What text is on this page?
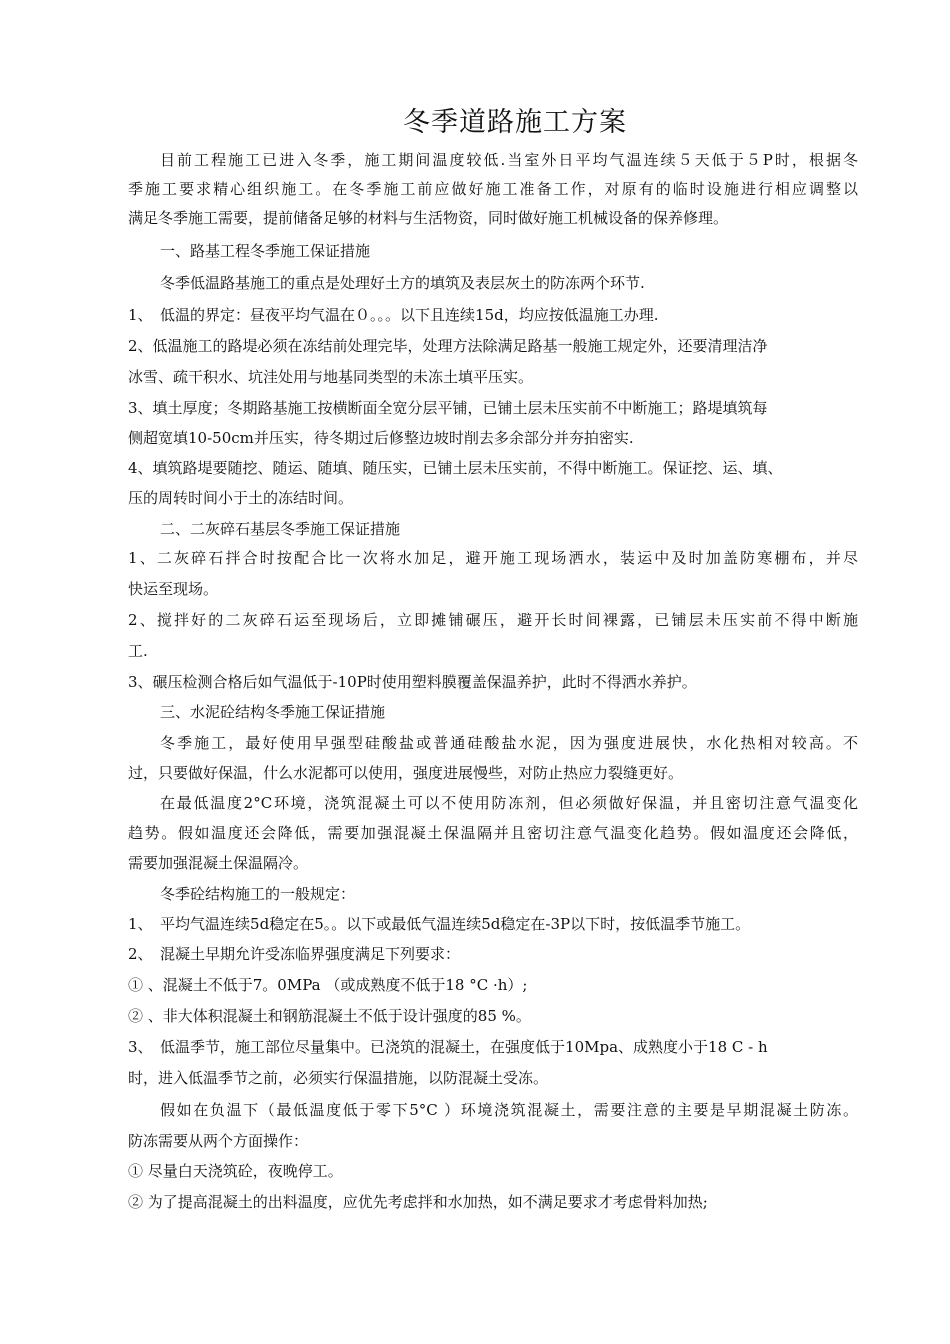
冬季道路施工方案
目前工程施工已进入冬季，施工期间温度较低.当室外日平均气温连续５天低于５P时，根据冬
季施工要求精心组织施工。在冬季施工前应做好施工准备工作，对原有的临时设施进行相应调整以
满足冬季施工需要，提前储备足够的材料与生活物资，同时做好施工机械设备的保养修理。
一、路基工程冬季施工保证措施
冬季低温路基施工的重点是处理好土方的填筑及表层灰土的防冻两个环节.
1、　低温的界定：昼夜平均气温在０。。。以下且连续15d，均应按低温施工办理.
2、低温施工的路堤必须在冻结前处理完毕，处理方法除满足路基一般施工规定外，还要清理洁净
冰雪、疏干积水、坑洼处用与地基同类型的未冻土填平压实。
3、填土厚度；冬期路基施工按横断面全宽分层平铺，已铺土层未压实前不中断施工；路堤填筑每
侧超宽填10-50cm并压实，待冬期过后修整边坡时削去多余部分并夯拍密实.
4、填筑路堤要随挖、随运、随填、随压实，已铺土层未压实前，不得中断施工。保证挖、运、填、
压的周转时间小于土的冻结时间。
二、二灰碎石基层冬季施工保证措施
1、二灰碎石拌合时按配合比一次将水加足，避开施工现场洒水，装运中及时加盖防寒棚布，并尽
快运至现场。
2、搅拌好的二灰碎石运至现场后，立即摊铺碾压，避开长时间裸露，已铺层未压实前不得中断施
工.
3、碾压检测合格后如气温低于-10P时使用塑料膜覆盖保温养护，此时不得洒水养护。
三、水泥砼结构冬季施工保证措施
冬季施工，最好使用早强型硅酸盐或普通硅酸盐水泥，因为强度进展快，水化热相对较高。不
过，只要做好保温，什么水泥都可以使用，强度进展慢些，对防止热应力裂缝更好。
在最低温度2°C环境，浇筑混凝土可以不使用防冻剂，但必须做好保温，并且密切注意气温变化
趋势。假如温度还会降低，需要加强混凝土保温隔并且密切注意气温变化趋势。假如温度还会降低，
需要加强混凝土保温隔冷。
冬季砼结构施工的一般规定：
1、　平均气温连续5d稳定在5。。以下或最低气温连续5d稳定在-3P以下时，按低温季节施工。
2、　混凝土早期允许受冻临界强度满足下列要求：
① 、混凝土不低于7。0MPa （或成熟度不低于18 °C ·h）;
② 、非大体积混凝土和钢筋混凝土不低于设计强度的85 %。
3、　低温季节，施工部位尽量集中。已浇筑的混凝土，在强度低于10Mpa、成熟度小于18 C - h
时，进入低温季节之前，必须实行保温措施，以防混凝土受冻。
假如在负温下（最低温度低于零下5°C ）环境浇筑混凝土，需要注意的主要是早期混凝土防冻。
防冻需要从两个方面操作：
① 尽量白天浇筑砼，夜晚停工。
② 为了提高混凝土的出料温度，应优先考虑拌和水加热，如不满足要求才考虑骨料加热;
